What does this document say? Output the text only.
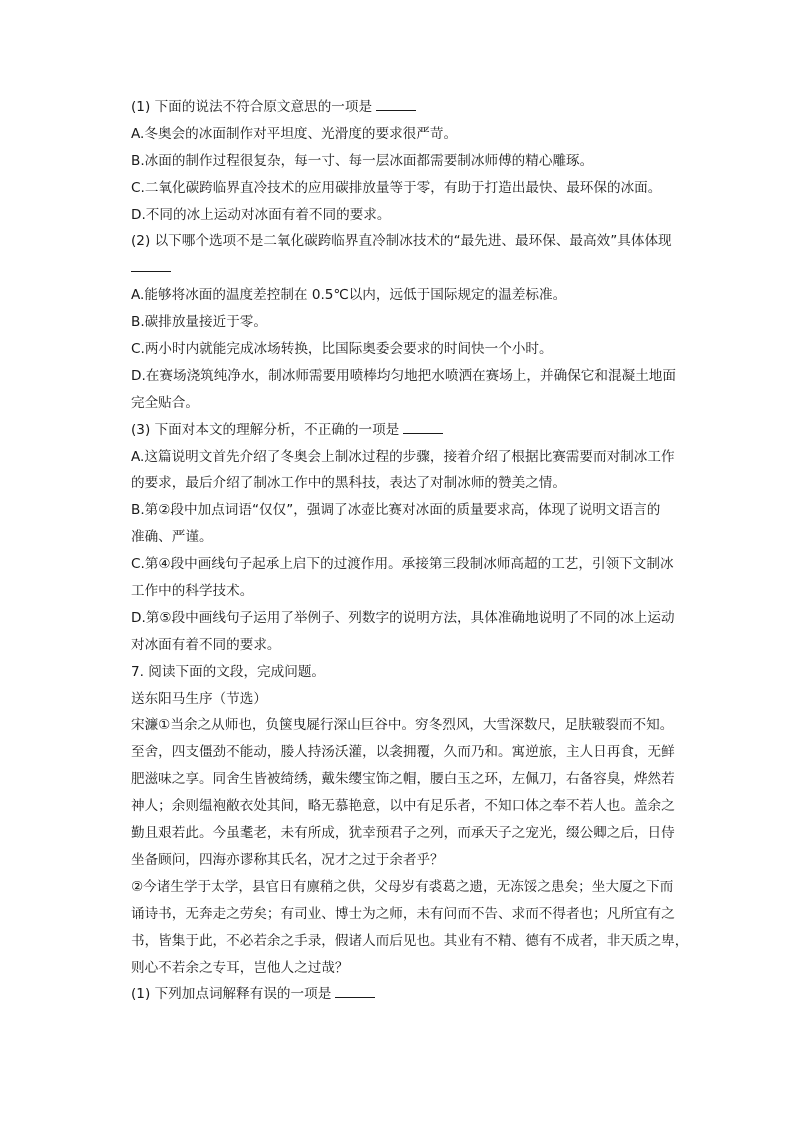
(1) 下面的说法不符合原文意思的一项是
A.冬奥会的冰面制作对平坦度、光滑度的要求很严苛。
B.冰面的制作过程很复杂，每一寸、每一层冰面都需要制冰师傅的精心雕琢。
C.二氧化碳跨临界直冷技术的应用碳排放量等于零，有助于打造出最快、最环保的冰面。
D.不同的冰上运动对冰面有着不同的要求。
(2) 以下哪个选项不是二氧化碳跨临界直冷制冰技术的“最先进、最环保、最高效”具体体现
A.能够将冰面的温度差控制在 0.5℃以内，远低于国际规定的温差标准。
B.碳排放量接近于零。
C.两小时内就能完成冰场转换，比国际奥委会要求的时间快一个小时。
D.在赛场浇筑纯净水，制冰师需要用喷棒均匀地把水喷洒在赛场上，并确保它和混凝土地面
完全贴合。
(3) 下面对本文的理解分析，不正确的一项是
A.这篇说明文首先介绍了冬奥会上制冰过程的步骤，接着介绍了根据比赛需要而对制冰工作
的要求，最后介绍了制冰工作中的黑科技，表达了对制冰师的赞美之情。
B.第②段中加点词语“仅仅”，强调了冰壶比赛对冰面的质量要求高，体现了说明文语言的
准确、严谨。
C.第④段中画线句子起承上启下的过渡作用。承接第三段制冰师高超的工艺，引领下文制冰
工作中的科学技术。
D.第⑤段中画线句子运用了举例子、列数字的说明方法，具体准确地说明了不同的冰上运动
对冰面有着不同的要求。
7. 阅读下面的文段，完成问题。
送东阳马生序（节选）
宋濂①当余之从师也，负箧曳屣行深山巨谷中。穷冬烈风，大雪深数尺，足肤皲裂而不知。
至舍，四支僵劲不能动，媵人持汤沃灌，以衾拥覆，久而乃和。寓逆旅，主人日再食，无鲜
肥滋味之享。同舍生皆被绮绣，戴朱缨宝饰之帽，腰白玉之环，左佩刀，右备容臭，烨然若
神人；余则缊袍敝衣处其间，略无慕艳意，以中有足乐者，不知口体之奉不若人也。盖余之
勤且艰若此。今虽耄老，未有所成，犹幸预君子之列，而承天子之宠光，缀公卿之后，日侍
坐备顾问，四海亦谬称其氏名，况才之过于余者乎？
②今诸生学于太学，县官日有廪稍之供，父母岁有裘葛之遗，无冻馁之患矣；坐大厦之下而
诵诗书，无奔走之劳矣；有司业、博士为之师，未有问而不告、求而不得者也；凡所宜有之
书，皆集于此，不必若余之手录，假诸人而后见也。其业有不精、德有不成者，非天质之卑，
则心不若余之专耳，岂他人之过哉？
(1) 下列加点词解释有误的一项是
